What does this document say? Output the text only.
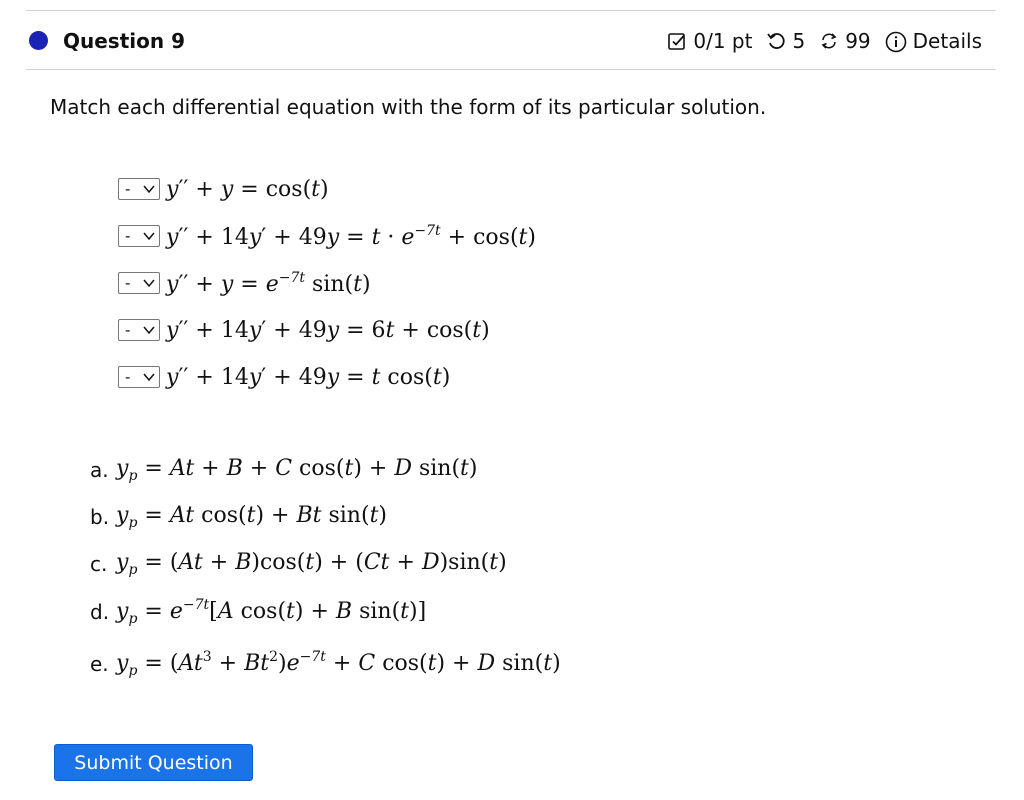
Question 9	0/1 pt 5 99 Details
Match each differential equation with the form of its particular solution.
- y′′ + y = cos(t)
- $y'' + 14y' + 49y = t \cdot e^{-7t} + \cos(t)$
- $y'' + y = e^{-7t}$ sin(t)
- y′′ + 14y′ + 49y = 6t + cos(t)
- y′′ + 14y′ + 49y = t cos(t)
a. $y_p = At + B + C$ cos(t) + D sin(t)
b. $y_p = At$ cos(t) + Bt sin(t)
c. $y_p = (At + B)\cos(t) + (Ct + D)\sin(t)$
d. $y_p = e^{-7t}[A$ cos(t) + B sin(t)]
e. $y_p = (At^3 + Bt^2)e^{-7t} + C$ cos(t) + D sin(t)
Submit Question
